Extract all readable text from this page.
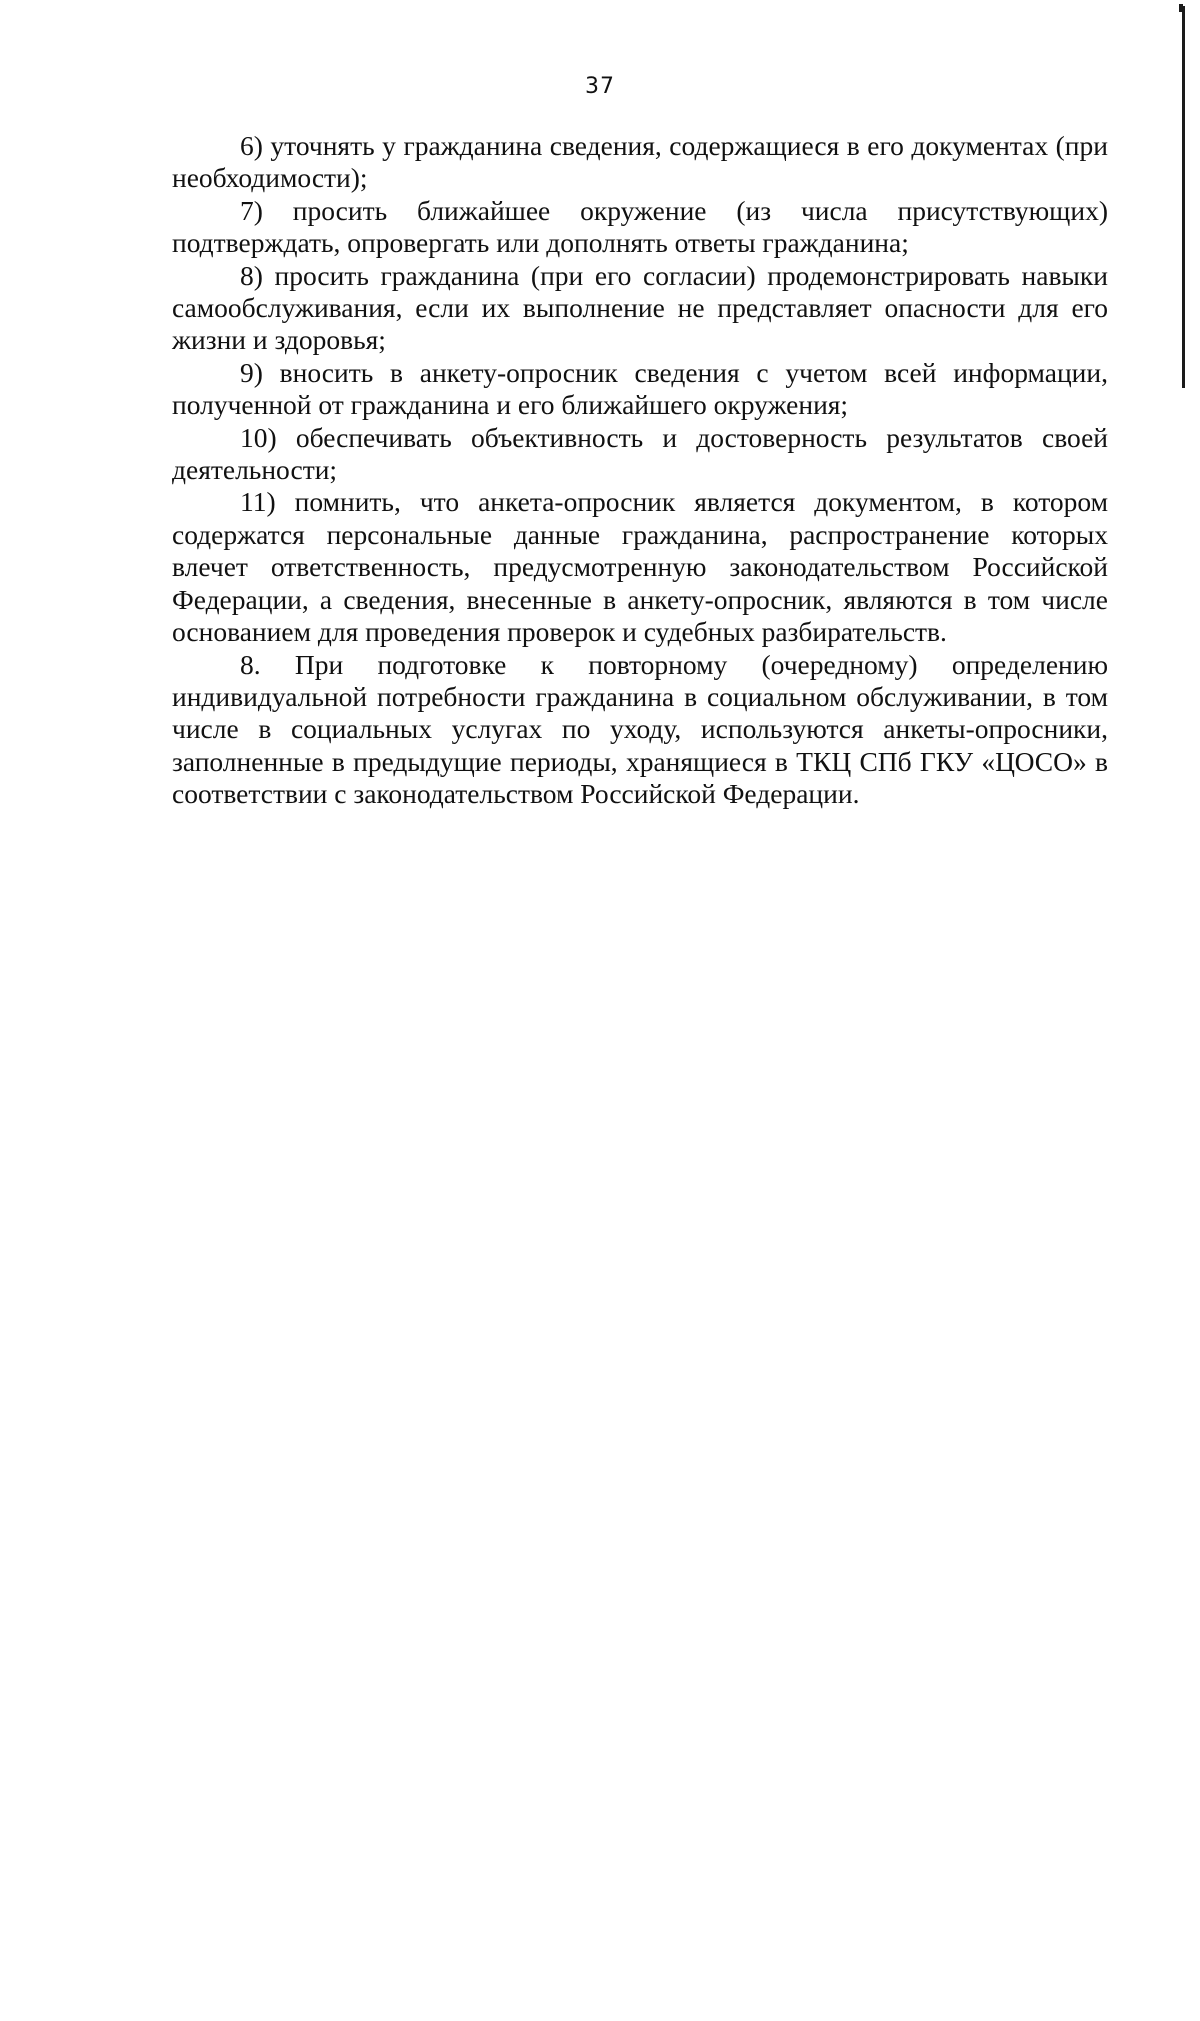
37

6) уточнять у гражданина сведения, содержащиеся в его документах (при необходимости);

7) просить ближайшее окружение (из числа присутствующих) подтверждать, опровергать или дополнять ответы гражданина;

8) просить гражданина (при его согласии) продемонстрировать навыки самообслуживания, если их выполнение не представляет опасности для его жизни и здоровья;

9) вносить в анкету-опросник сведения с учетом всей информации, полученной от гражданина и его ближайшего окружения;

10) обеспечивать объективность и достоверность результатов своей деятельности;

11) помнить, что анкета-опросник является документом, в котором содержатся персональные данные гражданина, распространение которых влечет ответственность, предусмотренную законодательством Российской Федерации, а сведения, внесенные в анкету-опросник, являются в том числе основанием для проведения проверок и судебных разбирательств.

8. При подготовке к повторному (очередному) определению индивидуальной потребности гражданина в социальном обслуживании, в том числе в социальных услугах по уходу, используются анкеты-опросники, заполненные в предыдущие периоды, хранящиеся в ТКЦ СПб ГКУ «ЦОСО» в соответствии с законодательством Российской Федерации.
